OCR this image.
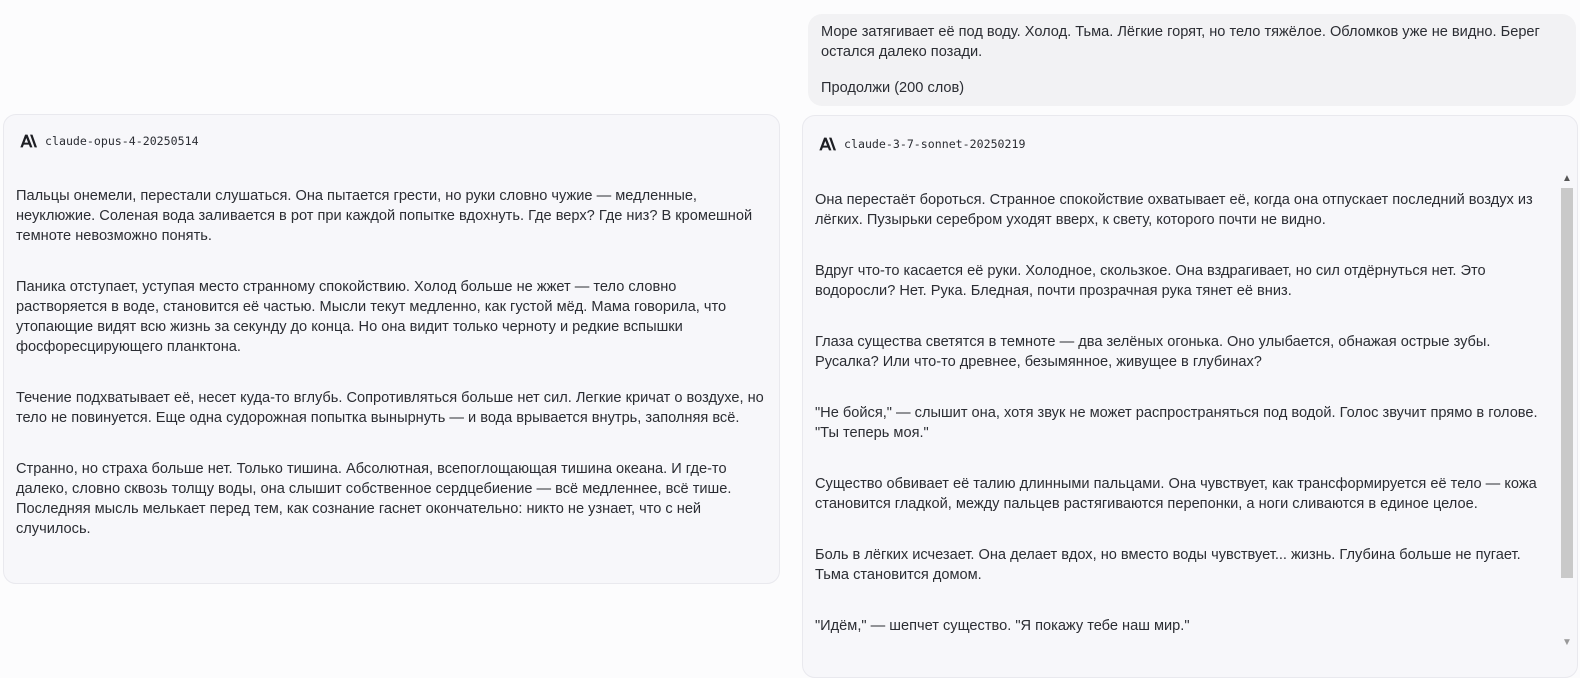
Море затягивает её под воду. Холод. Тьма. Лёгкие горят, но тело тяжёлое. Обломков уже не видно. Берег остался далеко позади.

Продолжи (200 слов)

claude-opus-4-20250514

Пальцы онемели, перестали слушаться. Она пытается грести, но руки словно чужие — медленные, неуклюжие. Соленая вода заливается в рот при каждой попытке вдохнуть. Где верх? Где низ? В кромешной темноте невозможно понять.

Паника отступает, уступая место странному спокойствию. Холод больше не жжет — тело словно растворяется в воде, становится её частью. Мысли текут медленно, как густой мёд. Мама говорила, что утопающие видят всю жизнь за секунду до конца. Но она видит только черноту и редкие вспышки фосфоресцирующего планктона.

Течение подхватывает её, несет куда-то вглубь. Сопротивляться больше нет сил. Легкие кричат о воздухе, но тело не повинуется. Еще одна судорожная попытка вынырнуть — и вода врывается внутрь, заполняя всё.

Странно, но страха больше нет. Только тишина. Абсолютная, всепоглощающая тишина океана. И где-то далеко, словно сквозь толщу воды, она слышит собственное сердцебиение — всё медленнее, всё тише. Последняя мысль мелькает перед тем, как сознание гаснет окончательно: никто не узнает, что с ней случилось.

claude-3-7-sonnet-20250219

Она перестаёт бороться. Странное спокойствие охватывает её, когда она отпускает последний воздух из лёгких. Пузырьки серебром уходят вверх, к свету, которого почти не видно.

Вдруг что-то касается её руки. Холодное, скользкое. Она вздрагивает, но сил отдёрнуться нет. Это водоросли? Нет. Рука. Бледная, почти прозрачная рука тянет её вниз.

Глаза существа светятся в темноте — два зелёных огонька. Оно улыбается, обнажая острые зубы. Русалка? Или что-то древнее, безымянное, живущее в глубинах?

"Не бойся," — слышит она, хотя звук не может распространяться под водой. Голос звучит прямо в голове. "Ты теперь моя."

Существо обвивает её талию длинными пальцами. Она чувствует, как трансформируется её тело — кожа становится гладкой, между пальцев растягиваются перепонки, а ноги сливаются в единое целое.

Боль в лёгких исчезает. Она делает вдох, но вместо воды чувствует... жизнь. Глубина больше не пугает. Тьма становится домом.

"Идём," — шепчет существо. "Я покажу тебе наш мир."

▲
▼
